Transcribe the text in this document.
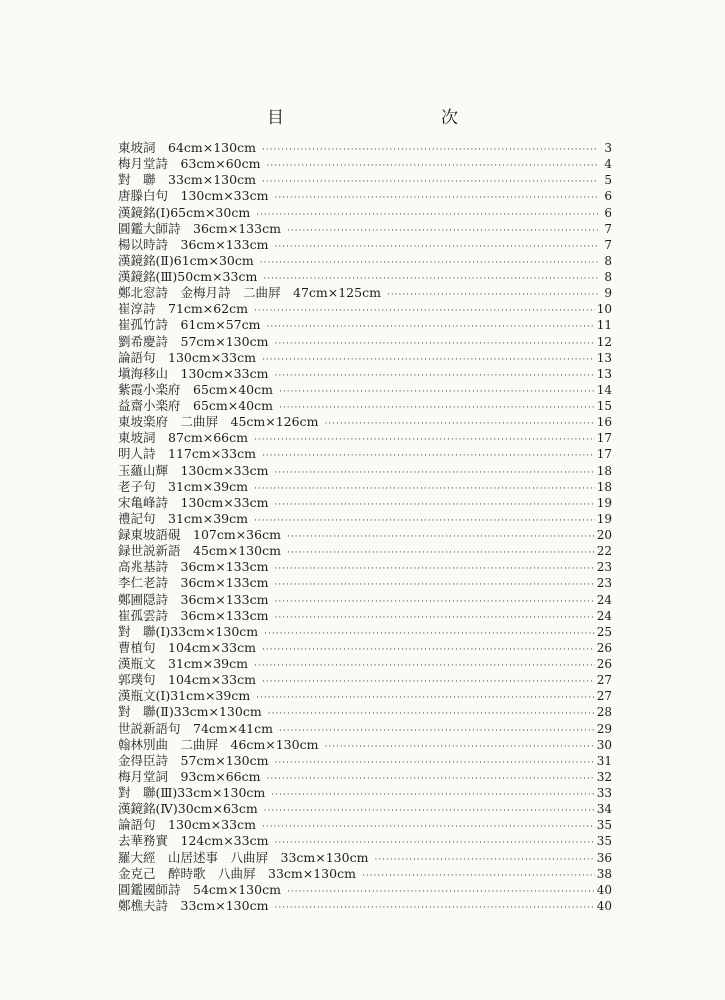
目　次
東坡詞　64cm×130cm ·····	3
梅月堂詩　63cm×60cm ·····	4
對　聯　33cm×130cm ·····	5
唐滕白句　130cm×33cm ·····	6
漢鏡銘(Ⅰ)65cm×30cm ·····	6
圓鑑大師詩　36cm×133cm ·····	7
楊以時詩　36cm×133cm ·····	7
漢鏡銘(Ⅱ)61cm×30cm ·····	8
漢鏡銘(Ⅲ)50cm×33cm ·····	8
鄭北窓詩　金梅月詩　二曲屛　47cm×125cm ·····	9
崔淳詩　71cm×62cm ·····	10
崔孤竹詩　61cm×57cm ·····	11
劉希慶詩　57cm×130cm ·····	12
論語句　130cm×33cm ·····	13
塡海移山　130cm×33cm ·····	13
紫霞小楽府　65cm×40cm ·····	14
益齋小楽府　65cm×40cm ·····	15
東坡楽府　二曲屛　45cm×126cm ·····	16
東坡詞　87cm×66cm ·····	17
明人詩　117cm×33cm ·····	17
玉蘊山輝　130cm×33cm ·····	18
老子句　31cm×39cm ·····	18
宋亀峰詩　130cm×33cm ·····	19
禮記句　31cm×39cm ·····	19
録東坡語硯　107cm×36cm ·····	20
録世説新語　45cm×130cm ·····	22
高兆基詩　36cm×133cm ·····	23
李仁老詩　36cm×133cm ·····	23
鄭圃隠詩　36cm×133cm ·····	24
崔孤雲詩　36cm×133cm ·····	24
對　聯(Ⅰ)33cm×130cm ·····	25
曹植句　104cm×33cm ·····	26
漢瓶文　31cm×39cm ·····	26
郭璞句　104cm×33cm ·····	27
漢瓶文(Ⅰ)31cm×39cm ·····	27
對　聯(Ⅱ)33cm×130cm ·····	28
世説新語句　74cm×41cm ·····	29
翰林別曲　二曲屛　46cm×130cm ·····	30
金得臣詩　57cm×130cm ·····	31
梅月堂詞　93cm×66cm ·····	32
對　聯(Ⅲ)33cm×130cm ·····	33
漢鏡銘(Ⅳ)30cm×63cm ·····	34
論語句　130cm×33cm ·····	35
去華務實　124cm×33cm ·····	35
羅大經　山居述事　八曲屛　33cm×130cm ·····	36
金克己　醉時歌　八曲屛　33cm×130cm ·····	38
圓鑑國師詩　54cm×130cm ·····	40
鄭樵夫詩　33cm×130cm ·····	40
